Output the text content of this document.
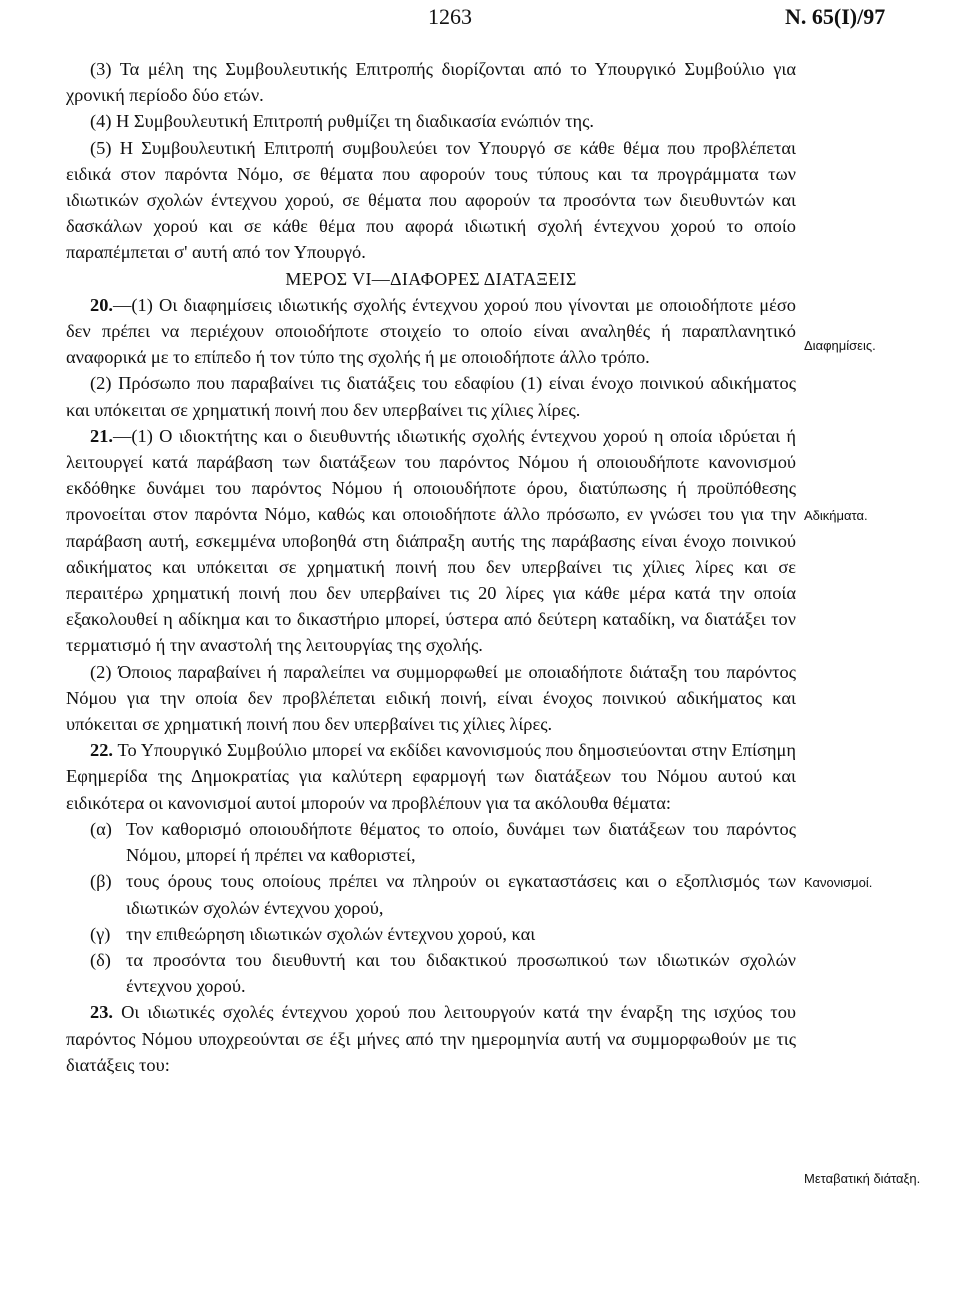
1263	Ν. 65(Ι)/97

(3) Τα μέλη της Συμβουλευτικής Επιτροπής διορίζονται από το Υπουργικό Συμβούλιο για χρονική περίοδο δύο ετών.

(4) Η Συμβουλευτική Επιτροπή ρυθμίζει τη διαδικασία ενώπιόν της.

(5) Η Συμβουλευτική Επιτροπή συμβουλεύει τον Υπουργό σε κάθε θέμα που προβλέπεται ειδικά στον παρόντα Νόμο, σε θέματα που αφορούν τους τύπους και τα προγράμματα των ιδιωτικών σχολών έντεχνου χορού, σε θέματα που αφορούν τα προσόντα των διευθυντών και δασκάλων χορού και σε κάθε θέμα που αφορά ιδιωτική σχολή έντεχνου χορού το οποίο παραπέμπεται σ' αυτή από τον Υπουργό.

ΜΕΡΟΣ VI—ΔΙΑΦΟΡΕΣ ΔΙΑΤΑΞΕΙΣ

20.—(1) Οι διαφημίσεις ιδιωτικής σχολής έντεχνου χορού που γίνονται με οποιοδήποτε μέσο δεν πρέπει να περιέχουν οποιοδήποτε στοιχείο το οποίο είναι αναληθές ή παραπλανητικό αναφορικά με το επίπεδο ή τον τύπο της σχολής ή με οποιοδήποτε άλλο τρόπο.

(2) Πρόσωπο που παραβαίνει τις διατάξεις του εδαφίου (1) είναι ένοχο ποινικού αδικήματος και υπόκειται σε χρηματική ποινή που δεν υπερβαίνει τις χίλιες λίρες.

21.—(1) Ο ιδιοκτήτης και ο διευθυντής ιδιωτικής σχολής έντεχνου χορού η οποία ιδρύεται ή λειτουργεί κατά παράβαση των διατάξεων του παρόντος Νόμου ή οποιουδήποτε κανονισμού εκδόθηκε δυνάμει του παρόντος Νόμου ή οποιουδήποτε όρου, διατύπωσης ή προϋπόθεσης προνοείται στον παρόντα Νόμο, καθώς και οποιοδήποτε άλλο πρόσωπο, εν γνώσει του για την παράβαση αυτή, εσκεμμένα υποβοηθά στη διάπραξη αυτής της παράβασης είναι ένοχο ποινικού αδικήματος και υπόκειται σε χρηματική ποινή που δεν υπερβαίνει τις χίλιες λίρες και σε περαιτέρω χρηματική ποινή που δεν υπερβαίνει τις 20 λίρες για κάθε μέρα κατά την οποία εξακολουθεί η αδίκημα και το δικαστήριο μπορεί, ύστερα από δεύτερη καταδίκη, να διατάξει τον τερματισμό ή την αναστολή της λειτουργίας της σχολής.

(2) Όποιος παραβαίνει ή παραλείπει να συμμορφωθεί με οποιαδήποτε διάταξη του παρόντος Νόμου για την οποία δεν προβλέπεται ειδική ποινή, είναι ένοχος ποινικού αδικήματος και υπόκειται σε χρηματική ποινή που δεν υπερβαίνει τις χίλιες λίρες.

22. Το Υπουργικό Συμβούλιο μπορεί να εκδίδει κανονισμούς που δημοσιεύονται στην Επίσημη Εφημερίδα της Δημοκρατίας για καλύτερη εφαρμογή των διατάξεων του Νόμου αυτού και ειδικότερα οι κανονισμοί αυτοί μπορούν να προβλέπουν για τα ακόλουθα θέματα:

(α) Τον καθορισμό οποιουδήποτε θέματος το οποίο, δυνάμει των διατάξεων του παρόντος Νόμου, μπορεί ή πρέπει να καθοριστεί,
(β) τους όρους τους οποίους πρέπει να πληρούν οι εγκαταστάσεις και ο εξοπλισμός των ιδιωτικών σχολών έντεχνου χορού,
(γ) την επιθεώρηση ιδιωτικών σχολών έντεχνου χορού, και
(δ) τα προσόντα του διευθυντή και του διδακτικού προσωπικού των ιδιωτικών σχολών έντεχνου χορού.

23. Οι ιδιωτικές σχολές έντεχνου χορού που λειτουργούν κατά την έναρξη της ισχύος του παρόντος Νόμου υποχρεούνται σε έξι μήνες από την ημερομηνία αυτή να συμμορφωθούν με τις διατάξεις του:

Διαφημίσεις.
Αδικήματα.
Κανονισμοί.
Μεταβατική διάταξη.
